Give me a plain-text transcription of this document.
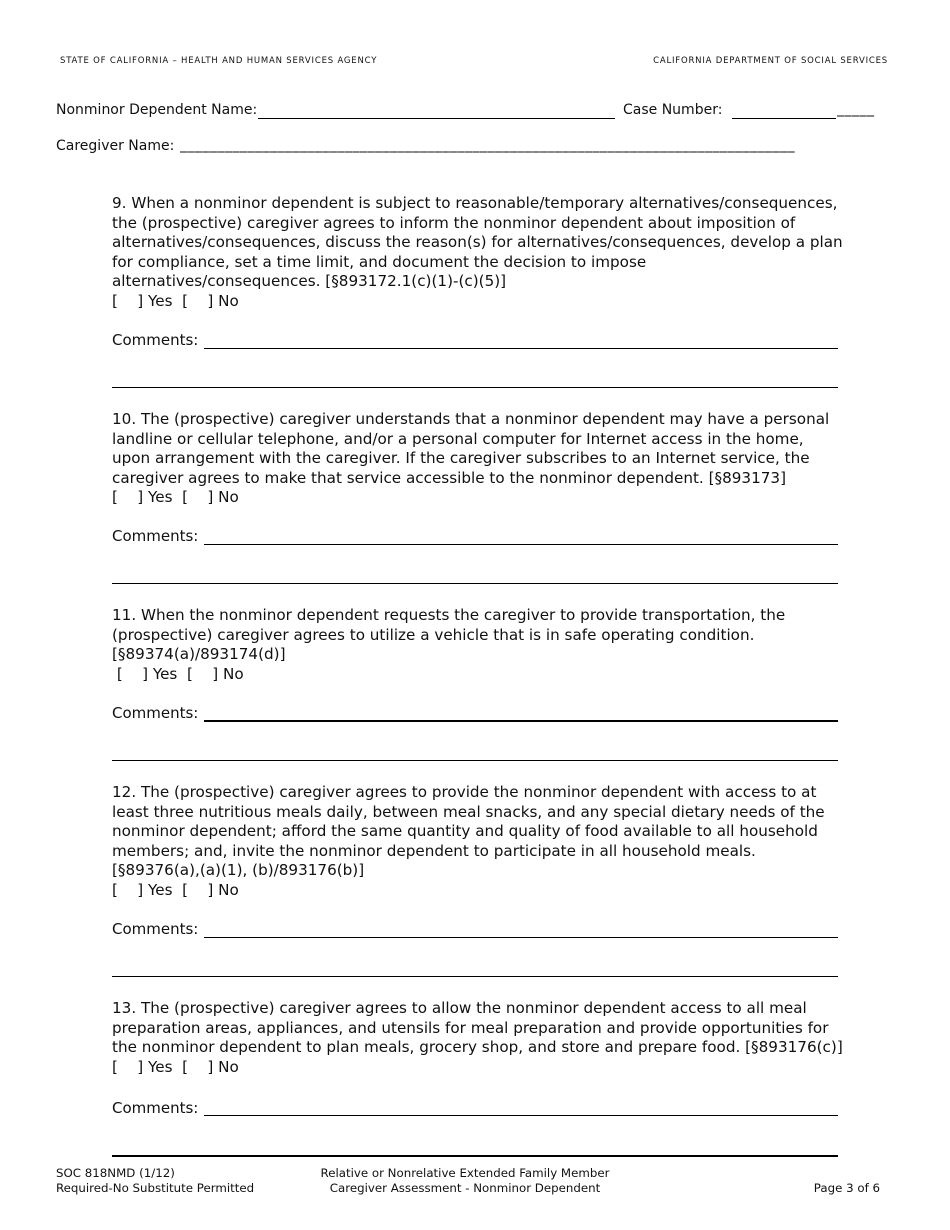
STATE OF CALIFORNIA – HEALTH AND HUMAN SERVICES AGENCY	CALIFORNIA DEPARTMENT OF SOCIAL SERVICES
Nonminor Dependent Name:	Case Number:	_____
Caregiver Name: __________________________________________________________________________________
9. When a nonminor dependent is subject to reasonable/temporary alternatives/consequences, the (prospective) caregiver agrees to inform the nonminor dependent about imposition of alternatives/consequences, discuss the reason(s) for alternatives/consequences, develop a plan for compliance, set a time limit, and document the decision to impose alternatives/consequences. [§893172.1(c)(1)-(c)(5)]
[    ] Yes  [    ] No
Comments:
10. The (prospective) caregiver understands that a nonminor dependent may have a personal landline or cellular telephone, and/or a personal computer for Internet access in the home, upon arrangement with the caregiver. If the caregiver subscribes to an Internet service, the caregiver agrees to make that service accessible to the nonminor dependent. [§893173]
[    ] Yes  [    ] No
Comments:
11. When the nonminor dependent requests the caregiver to provide transportation, the (prospective) caregiver agrees to utilize a vehicle that is in safe operating condition. [§89374(a)/893174(d)]
[    ] Yes  [    ] No
Comments:
12. The (prospective) caregiver agrees to provide the nonminor dependent with access to at least three nutritious meals daily, between meal snacks, and any special dietary needs of the nonminor dependent; afford the same quantity and quality of food available to all household members; and, invite the nonminor dependent to participate in all household meals. [§89376(a),(a)(1), (b)/893176(b)]
[    ] Yes  [    ] No
Comments:
13. The (prospective) caregiver agrees to allow the nonminor dependent access to all meal preparation areas, appliances, and utensils for meal preparation and provide opportunities for the nonminor dependent to plan meals, grocery shop, and store and prepare food. [§893176(c)]
[    ] Yes  [    ] No
Comments:
SOC 818NMD (1/12)
Required-No Substitute Permitted
Relative or Nonrelative Extended Family Member
Caregiver Assessment - Nonminor Dependent	Page 3 of 6
